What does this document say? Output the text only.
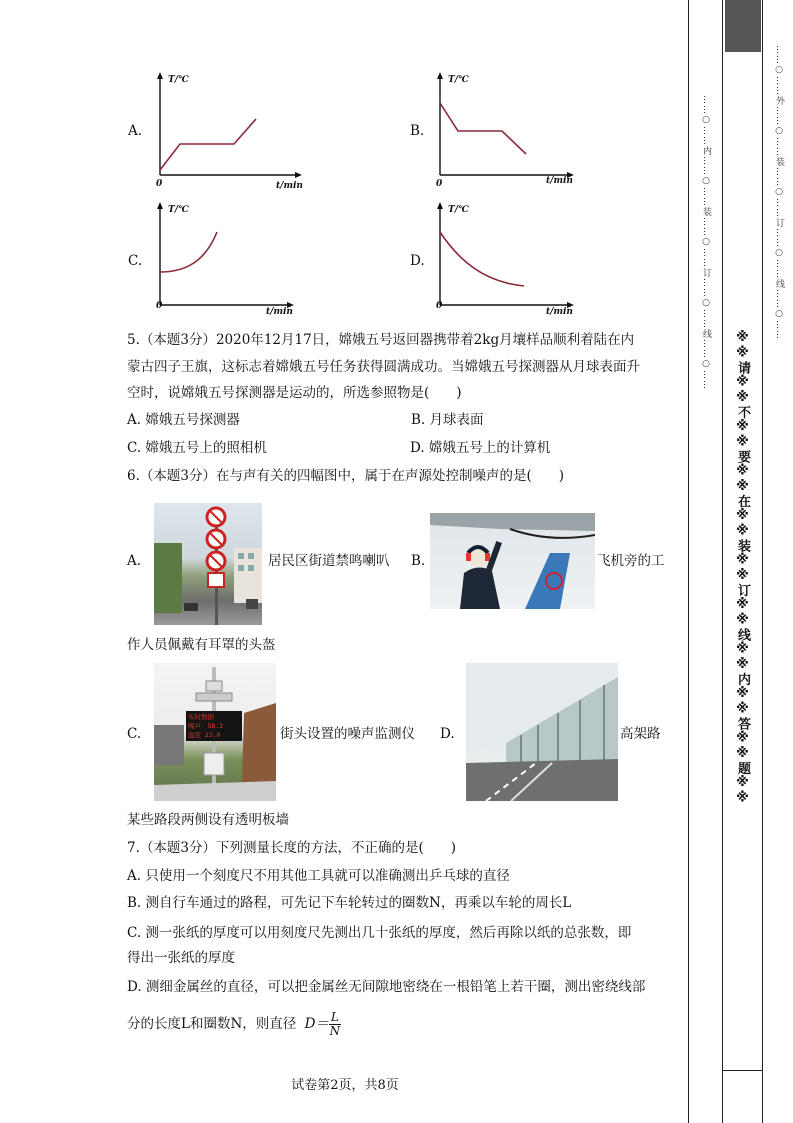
A.
T/℃
t/min
0
B.
T/℃
t/min
0
C.
T/℃
t/min
0
D.
T/℃
t/min
0
5.（本题3分）2020年12月17日，嫦娥五号返回器携带着2kg月壤样品顺利着陆在内
蒙古四子王旗，这标志着嫦娥五号任务获得圆满成功。当嫦娥五号探测器从月球表面升
空时，说嫦娥五号探测器是运动的，所选参照物是(　　)
A. 嫦娥五号探测器	B. 月球表面
C. 嫦娥五号上的照相机	D. 嫦娥五号上的计算机
6.（本题3分）在与声有关的四幅图中，属于在声源处控制噪声的是(　　)
A.	居民区街道禁鸣喇叭 B.	飞机旁的工
作人员佩戴有耳罩的头盔
C.
实时数据
噪声：58.2
温度 22.0	街头设置的噪声监测仪 D.	高架路
某些路段两侧设有透明板墙
7.（本题3分）下列测量长度的方法，不正确的是(　　)
A. 只使用一个刻度尺不用其他工具就可以准确测出乒乓球的直径
B. 测自行车通过的路程，可先记下车轮转过的圈数N，再乘以车轮的周长L
C. 测一张纸的厚度可以用刻度尺先测出几十张纸的厚度，然后再除以纸的总张数，即
得出一张纸的厚度
D. 测细金属丝的直径，可以把金属丝无间隙地密绕在一根铅笔上若干圈，测出密绕线部
分的长度L和圈数N，则直径 $D= \frac{L}{N}$
试卷第2页，共8页
……○……内……○……装……○……订……○……线……○……	……○……外……○……装……○……订……○……线……○……
※※请※※不※※要※※在※※装※※订※※线※※内※※答※※题※※
